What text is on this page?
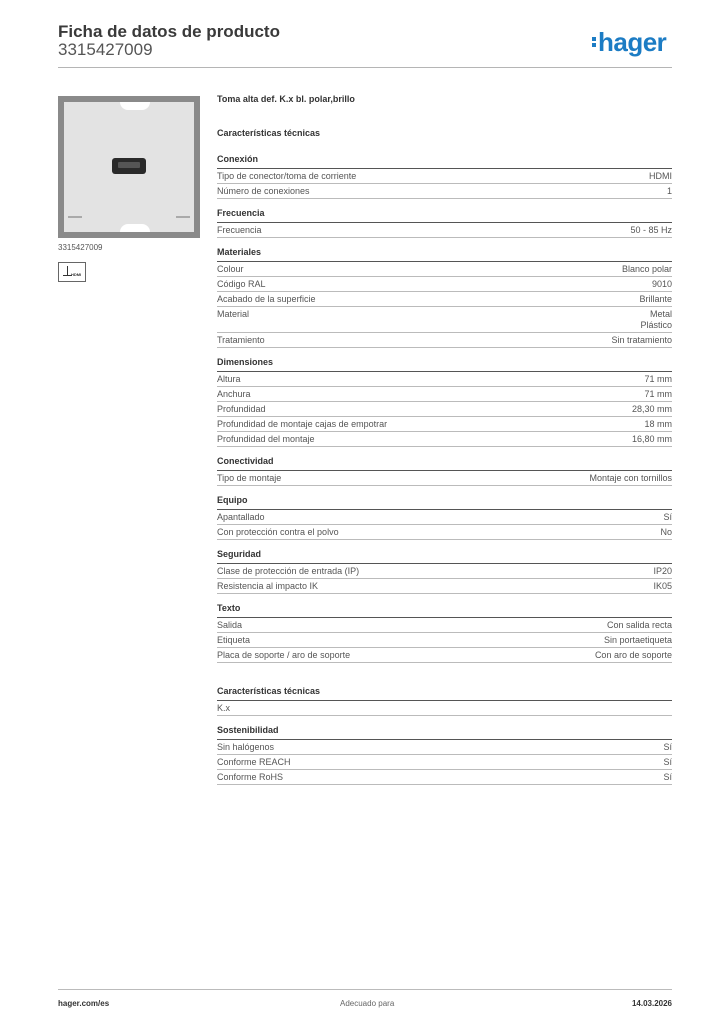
Ficha de datos de producto
3315427009	hager
3315427009
HDMI
Toma alta def. K.x bl. polar,brillo
Características técnicas
Conexión
Tipo de conector/toma de corriente	HDMI
Número de conexiones	1
Frecuencia
Frecuencia	50 - 85 Hz
Materiales
Colour	Blanco polar
Código RAL	9010
Acabado de la superficie	Brillante
Material	Metal
Plástico
Tratamiento	Sin tratamiento
Dimensiones
Altura	71 mm
Anchura	71 mm
Profundidad	28,30 mm
Profundidad de montaje cajas de empotrar	18 mm
Profundidad del montaje	16,80 mm
Conectividad
Tipo de montaje	Montaje con tornillos
Equipo
Apantallado	Sí
Con protección contra el polvo	No
Seguridad
Clase de protección de entrada (IP)	IP20
Resistencia al impacto IK	IK05
Texto
Salida	Con salida recta
Etiqueta	Sin portaetiqueta
Placa de soporte / aro de soporte	Con aro de soporte
Características técnicas
K.x
Sostenibilidad
Sin halógenos	Sí
Conforme REACH	Sí
Conforme RoHS	Sí
hager.com/es	Adecuado para	14.03.2026
